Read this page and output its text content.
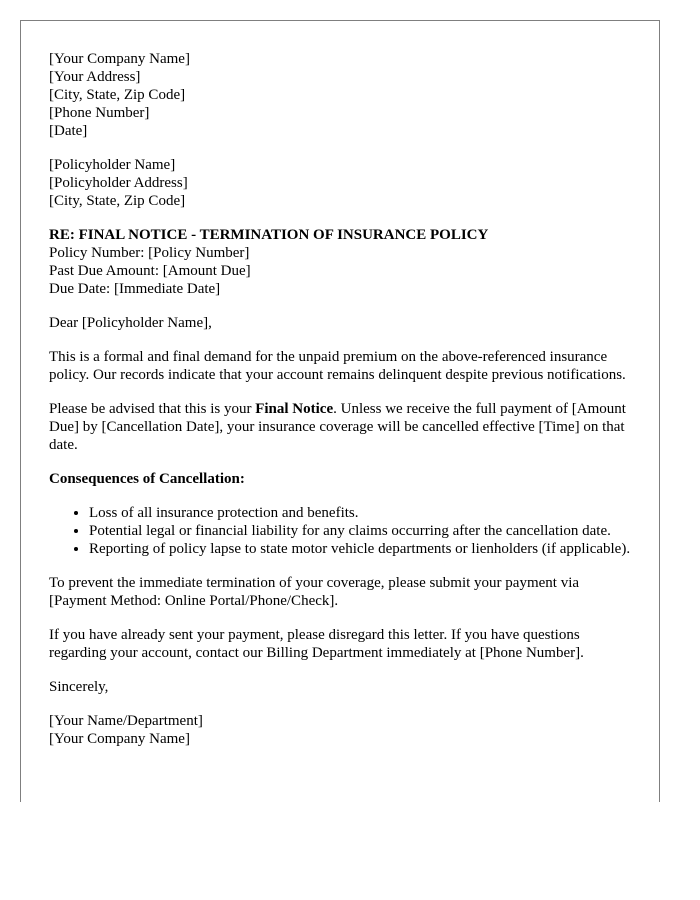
[Your Company Name]
[Your Address]
[City, State, Zip Code]
[Phone Number]
[Date]
[Policyholder Name]
[Policyholder Address]
[City, State, Zip Code]
RE: FINAL NOTICE - TERMINATION OF INSURANCE POLICY
Policy Number: [Policy Number]
Past Due Amount: [Amount Due]
Due Date: [Immediate Date]

Dear [Policyholder Name],

This is a formal and final demand for the unpaid premium on the above-referenced insurance policy. Our records indicate that your account remains delinquent despite previous notifications.

Please be advised that this is your Final Notice. Unless we receive the full payment of [Amount Due] by [Cancellation Date], your insurance coverage will be cancelled effective [Time] on that date.

Consequences of Cancellation:

• Loss of all insurance protection and benefits.
• Potential legal or financial liability for any claims occurring after the cancellation date.
• Reporting of policy lapse to state motor vehicle departments or lienholders (if applicable).

To prevent the immediate termination of your coverage, please submit your payment via [Payment Method: Online Portal/Phone/Check].

If you have already sent your payment, please disregard this letter. If you have questions regarding your account, contact our Billing Department immediately at [Phone Number].

Sincerely,

[Your Name/Department]
[Your Company Name]
